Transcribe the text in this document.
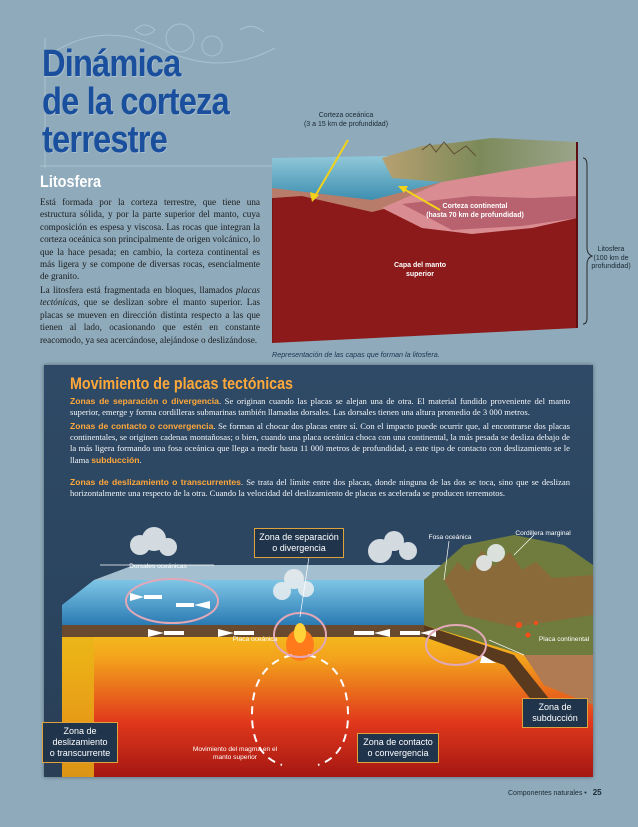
Dinámica
de la corteza
terrestre
Litosfera

Está formada por la corteza terrestre, que tiene una estructura sólida, y por la parte superior del manto, cuya composición es espesa y viscosa. Las rocas que integran la corteza oceánica son principalmente de origen volcánico, lo que la hace pesada; en cambio, la corteza continental es más ligera y se compone de diversas rocas, esencialmente de granito.

La litosfera está fragmentada en bloques, llamados placas tectónicas, que se deslizan sobre el manto superior. Las placas se mueven en dirección distinta respecto a las que tienen al lado, ocasionando que estén en constante reacomodo, ya sea acercándose, alejándose o deslizándose.

Corteza oceánica
(3 a 15 km de profundidad)
Corteza continental
(hasta 70 km de profundidad)
Capa del manto
superior
Litosfera
(100 km de
profundidad)
Representación de las capas que forman la litosfera.
Movimiento de placas tectónicas

Zonas de separación o divergencia. Se originan cuando las placas se alejan una de otra. El material fundido proveniente del manto superior, emerge y forma cordilleras submarinas también llamadas dorsales. Las dorsales tienen una altura promedio de 3 000 metros.

Zonas de contacto o convergencia. Se forman al chocar dos placas entre sí. Con el impacto puede ocurrir que, al encontrarse dos placas continentales, se originen cadenas montañosas; o bien, cuando una placa oceánica choca con una continental, la más pesada se desliza debajo de la más ligera formando una fosa oceánica que llega a medir hasta 11 000 metros de profundidad, a este tipo de contacto con deslizamiento se le llama subducción.

Zonas de deslizamiento o transcurrentes. Se trata del límite entre dos placas, donde ninguna de las dos se toca, sino que se deslizan horizontalmente una respecto de la otra. Cuando la velocidad del deslizamiento de placas es acelerada se producen terremotos.

Zona de separación
o divergencia
Dorsales oceánicas
Fosa oceánica
Cordillera marginal
Placa oceánica	Placa continental
Zona de
subducción
Zona de
deslizamiento
o transcurrente	Movimiento del magma en el
manto superior
Zona de contacto
o convergencia
Componentes naturales • 25
